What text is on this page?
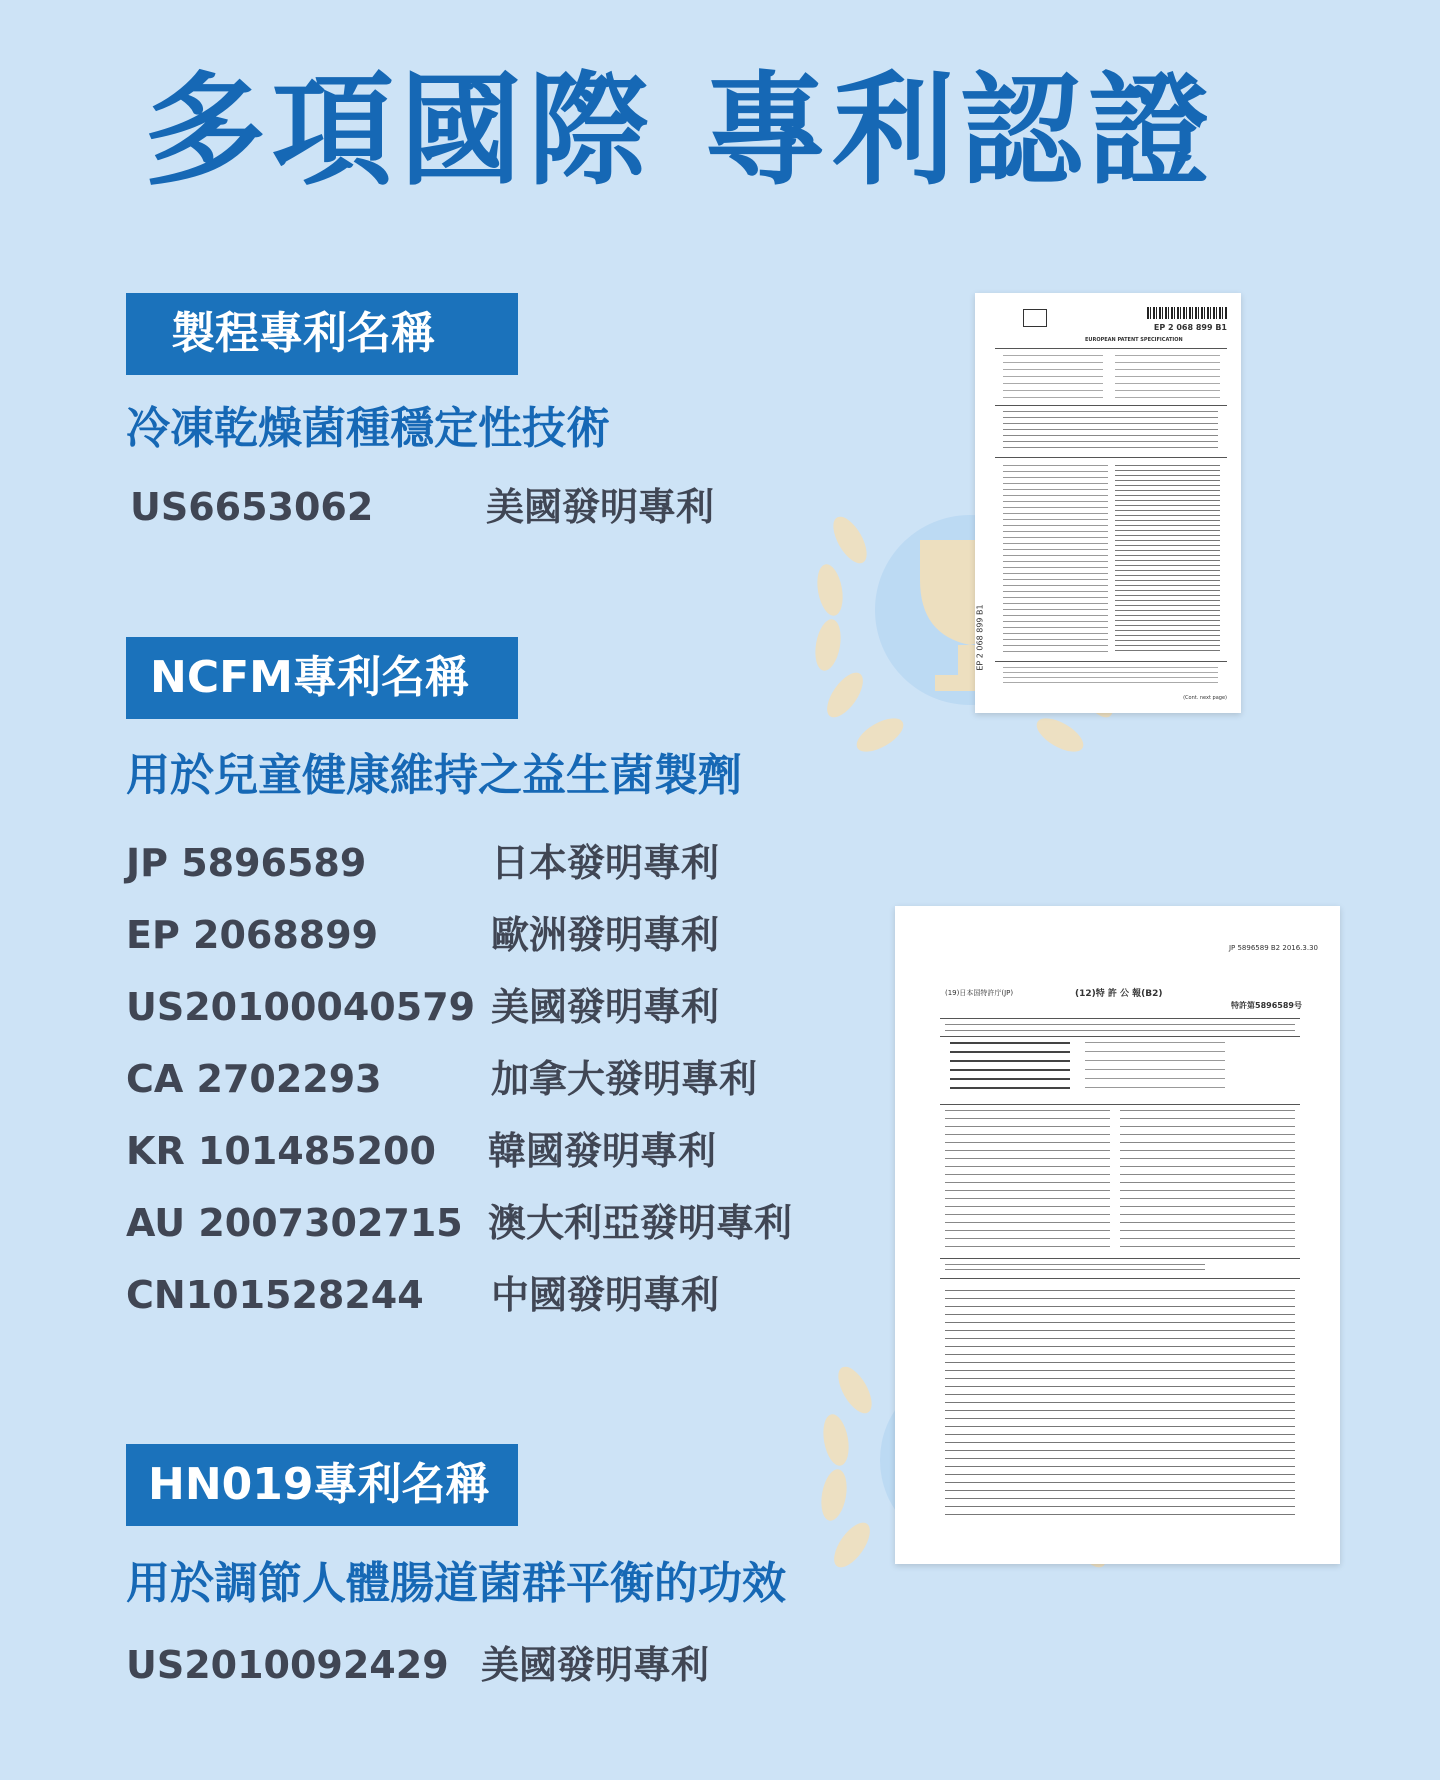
多項國際 專利認證
EP 2 068 899 B1
EUROPEAN PATENT SPECIFICATION
EP 2 068 899 B1
(Cont. next page)
JP 5896589 B2 2016.3.30
(19)日本国特許庁(JP)	(12)特 許 公 報(B2)
特許第5896589号
製程專利名稱
冷凍乾燥菌種穩定性技術
US6653062	美國發明專利
NCFM專利名稱
用於兒童健康維持之益生菌製劑
JP 5896589	日本發明專利
EP 2068899	歐洲發明專利
US20100040579 美國發明專利
CA 2702293	加拿大發明專利
KR 101485200 韓國發明專利
AU 2007302715 澳大利亞發明專利
CN101528244 中國發明專利
HN019專利名稱
用於調節人體腸道菌群平衡的功效
US2010092429 美國發明專利
